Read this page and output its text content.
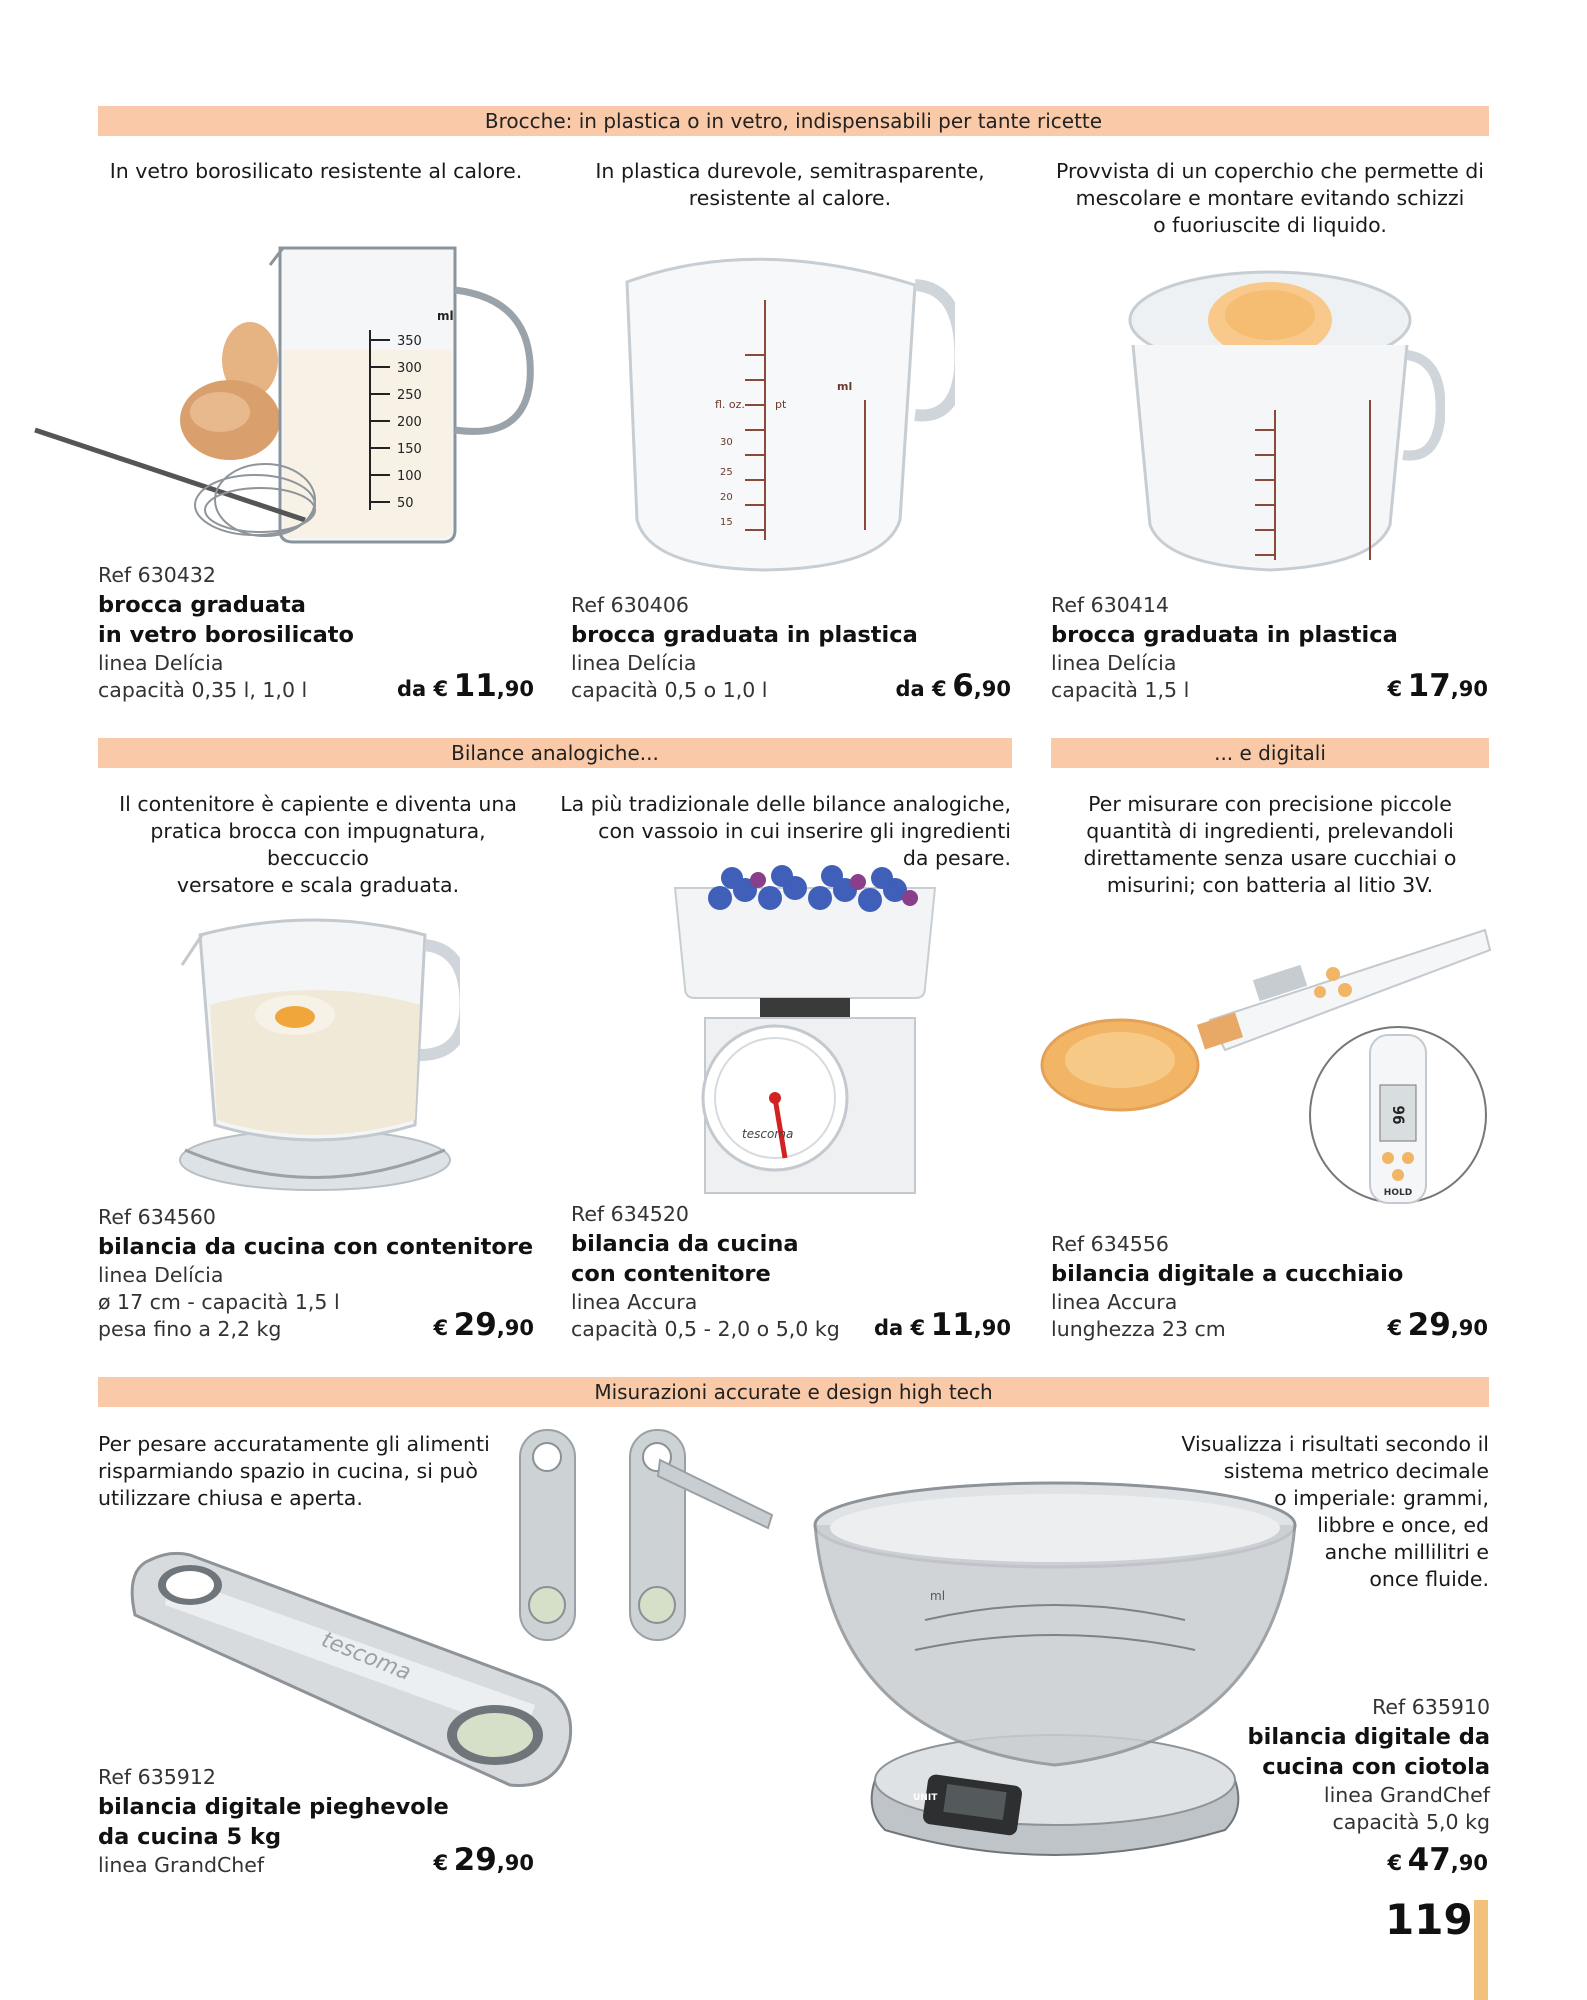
Brocche: in plastica o in vetro, indispensabili per tante ricette
Bilance analogiche...	... e digitali
Misurazioni accurate e design high tech
In vetro borosilicato resistente al calore.
350
300
250
200
150
100
50
ml
Ref 630432
brocca graduata
in vetro borosilicato
linea Delícia
capacità 0,35 l, 1,0 l	da € 11,90
In plastica durevole, semitrasparente,
resistente al calore.
ml
fl. oz.	pt
30
25
20
15
Ref 630406
brocca graduata in plastica
linea Delícia
capacità 0,5 o 1,0 l	da € 6,90
Provvista di un coperchio che permette di
mescolare e montare evitando schizzi
o fuoriuscite di liquido.
Ref 630414
brocca graduata in plastica
linea Delícia
capacità 1,5 l	€ 17,90
Il contenitore è capiente e diventa una
pratica brocca con impugnatura, beccuccio
versatore e scala graduata.
Ref 634560
bilancia da cucina con contenitore
linea Delícia
ø 17 cm - capacità 1,5 l
pesa fino a 2,2 kg	€ 29,90
La più tradizionale delle bilance analogiche,
con vassoio in cui inserire gli ingredienti
da pesare.
tescoma
Ref 634520
bilancia da cucina
con contenitore
linea Accura
capacità 0,5 - 2,0 o 5,0 kg	da € 11,90
Per misurare con precisione piccole
quantità di ingredienti, prelevandoli
direttamente senza usare cucchiai o
misurini; con batteria al litio 3V.
96
HOLD
Ref 634556
bilancia digitale a cucchiaio
linea Accura
lunghezza 23 cm	€ 29,90
Per pesare accuratamente gli alimenti
risparmiando spazio in cucina, si può
utilizzare chiusa e aperta.
tescoma
Ref 635912
bilancia digitale pieghevole
da cucina 5 kg
linea GrandChef	€ 29,90
UNIT
ml
Visualizza i risultati secondo il
sistema metrico decimale
o imperiale: grammi,
libbre e once, ed
anche millilitri e
once fluide.
Ref 635910
bilancia digitale da
cucina con ciotola
linea GrandChef
capacità 5,0 kg
€ 47,90
119
